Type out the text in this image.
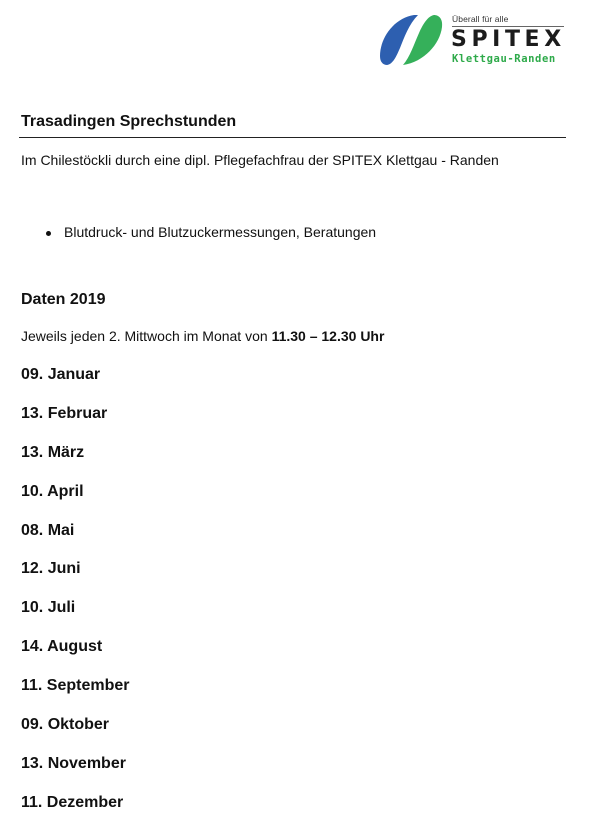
Überall für alle
SPITEX
Klettgau-Randen
Trasadingen Sprechstunden
Im Chilestöckli durch eine dipl. Pflegefachfrau der SPITEX Klettgau - Randen
Blutdruck- und Blutzuckermessungen, Beratungen
Daten 2019
Jeweils jeden 2. Mittwoch im Monat von 11.30 – 12.30 Uhr
09. Januar
13. Februar
13. März
10. April
08. Mai
12. Juni
10. Juli
14. August
11. September
09. Oktober
13. November
11. Dezember
